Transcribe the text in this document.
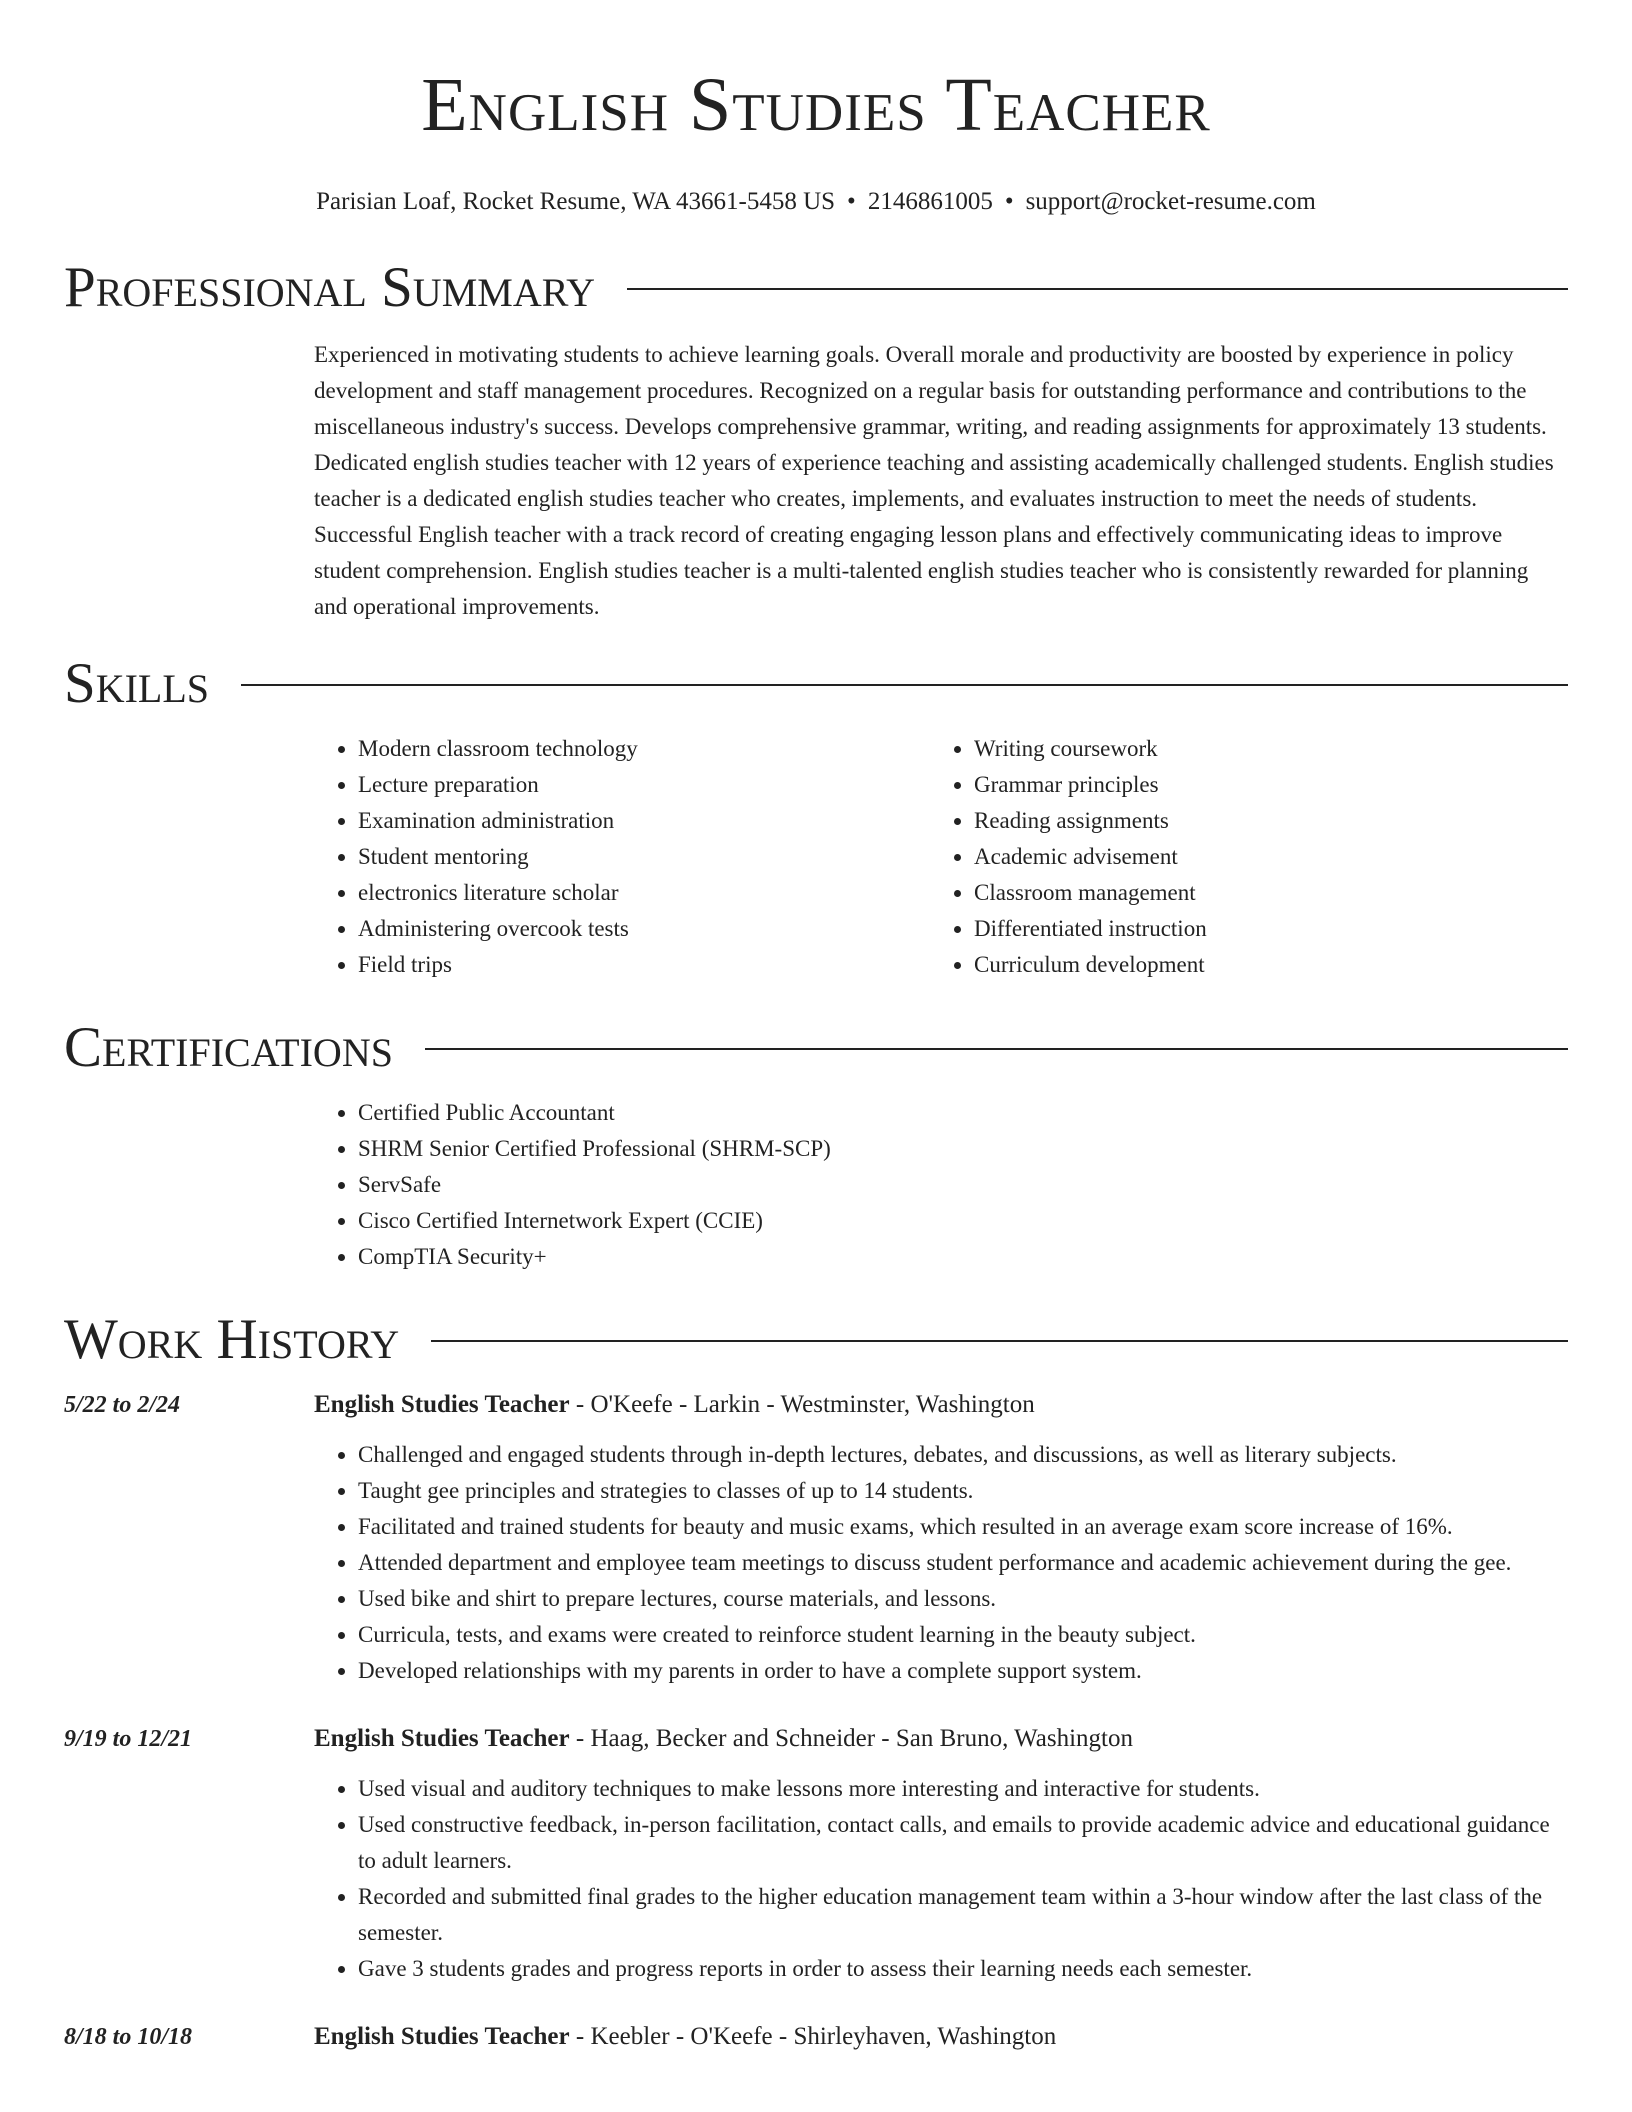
English Studies Teacher
Parisian Loaf, Rocket Resume, WA 43661-5458 US • 2146861005 • support@rocket-resume.com
Professional Summary

Experienced in motivating students to achieve learning goals. Overall morale and productivity are boosted by experience in policy development and staff management procedures. Recognized on a regular basis for outstanding performance and contributions to the miscellaneous industry's success. Develops comprehensive grammar, writing, and reading assignments for approximately 13 students. Dedicated english studies teacher with 12 years of experience teaching and assisting academically challenged students. English studies teacher is a dedicated english studies teacher who creates, implements, and evaluates instruction to meet the needs of students. Successful English teacher with a track record of creating engaging lesson plans and effectively communicating ideas to improve student comprehension. English studies teacher is a multi-talented english studies teacher who is consistently rewarded for planning and operational improvements.

Skills
• Modern classroom technology
• Lecture preparation
• Examination administration
• Student mentoring
• electronics literature scholar
• Administering overcook tests
• Field trips
• Writing coursework
• Grammar principles
• Reading assignments
• Academic advisement
• Classroom management
• Differentiated instruction
• Curriculum development
Certifications
• Certified Public Accountant
• SHRM Senior Certified Professional (SHRM-SCP)
• ServSafe
• Cisco Certified Internetwork Expert (CCIE)
• CompTIA Security+
Work History
5/22 to 2/24	English Studies Teacher - O'Keefe - Larkin - Westminster, Washington
• Challenged and engaged students through in-depth lectures, debates, and discussions, as well as literary subjects.
• Taught gee principles and strategies to classes of up to 14 students.
• Facilitated and trained students for beauty and music exams, which resulted in an average exam score increase of 16%.
• Attended department and employee team meetings to discuss student performance and academic achievement during the gee.
• Used bike and shirt to prepare lectures, course materials, and lessons.
• Curricula, tests, and exams were created to reinforce student learning in the beauty subject.
• Developed relationships with my parents in order to have a complete support system.
9/19 to 12/21	English Studies Teacher - Haag, Becker and Schneider - San Bruno, Washington
• Used visual and auditory techniques to make lessons more interesting and interactive for students.
• Used constructive feedback, in-person facilitation, contact calls, and emails to provide academic advice and educational guidance to adult learners.
• Recorded and submitted final grades to the higher education management team within a 3-hour window after the last class of the semester.
• Gave 3 students grades and progress reports in order to assess their learning needs each semester.
8/18 to 10/18	English Studies Teacher - Keebler - O'Keefe - Shirleyhaven, Washington
